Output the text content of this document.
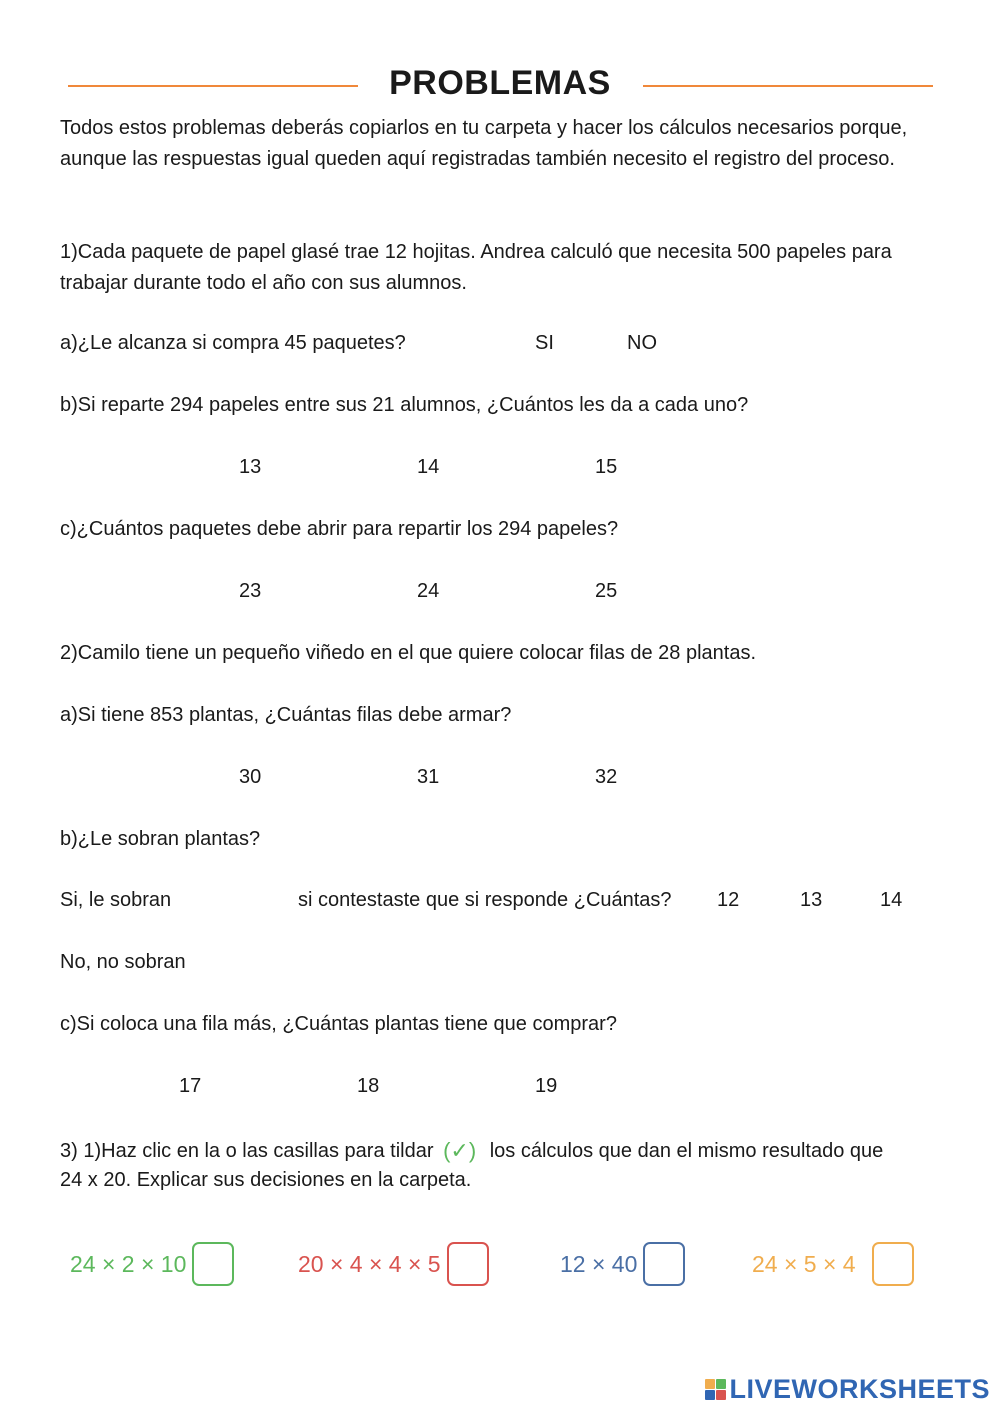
PROBLEMAS
Todos estos problemas deberás copiarlos en tu carpeta y hacer los cálculos necesarios porque, aunque las respuestas igual queden aquí registradas también necesito el registro del proceso.
1)Cada paquete de papel glasé trae 12 hojitas. Andrea calculó que necesita 500 papeles para trabajar durante todo el año con sus alumnos.
a)¿Le alcanza si compra 45 paquetes?	SI	NO
b)Si reparte 294 papeles entre sus 21 alumnos, ¿Cuántos les da a cada uno?
13	14	15
c)¿Cuántos paquetes debe abrir para repartir los 294 papeles?
23	24	25
2)Camilo tiene un pequeño viñedo en el que quiere colocar filas de 28 plantas.
a)Si tiene 853 plantas, ¿Cuántas filas debe armar?
30	31	32
b)¿Le sobran plantas?
Si, le sobran	si contestaste que si responde ¿Cuántas? 12	13	14
No, no sobran
c)Si coloca una fila más, ¿Cuántas plantas tiene que comprar?
17	18	19
3) 1)Haz clic en la o las casillas para tildar (✓) los cálculos que dan el mismo resultado que
24 x 20. Explicar sus decisiones en la carpeta.
24 × 2 × 10	20 × 4 × 4 × 5	12 × 40	24 × 5 × 4
LIVEWORKSHEETS
